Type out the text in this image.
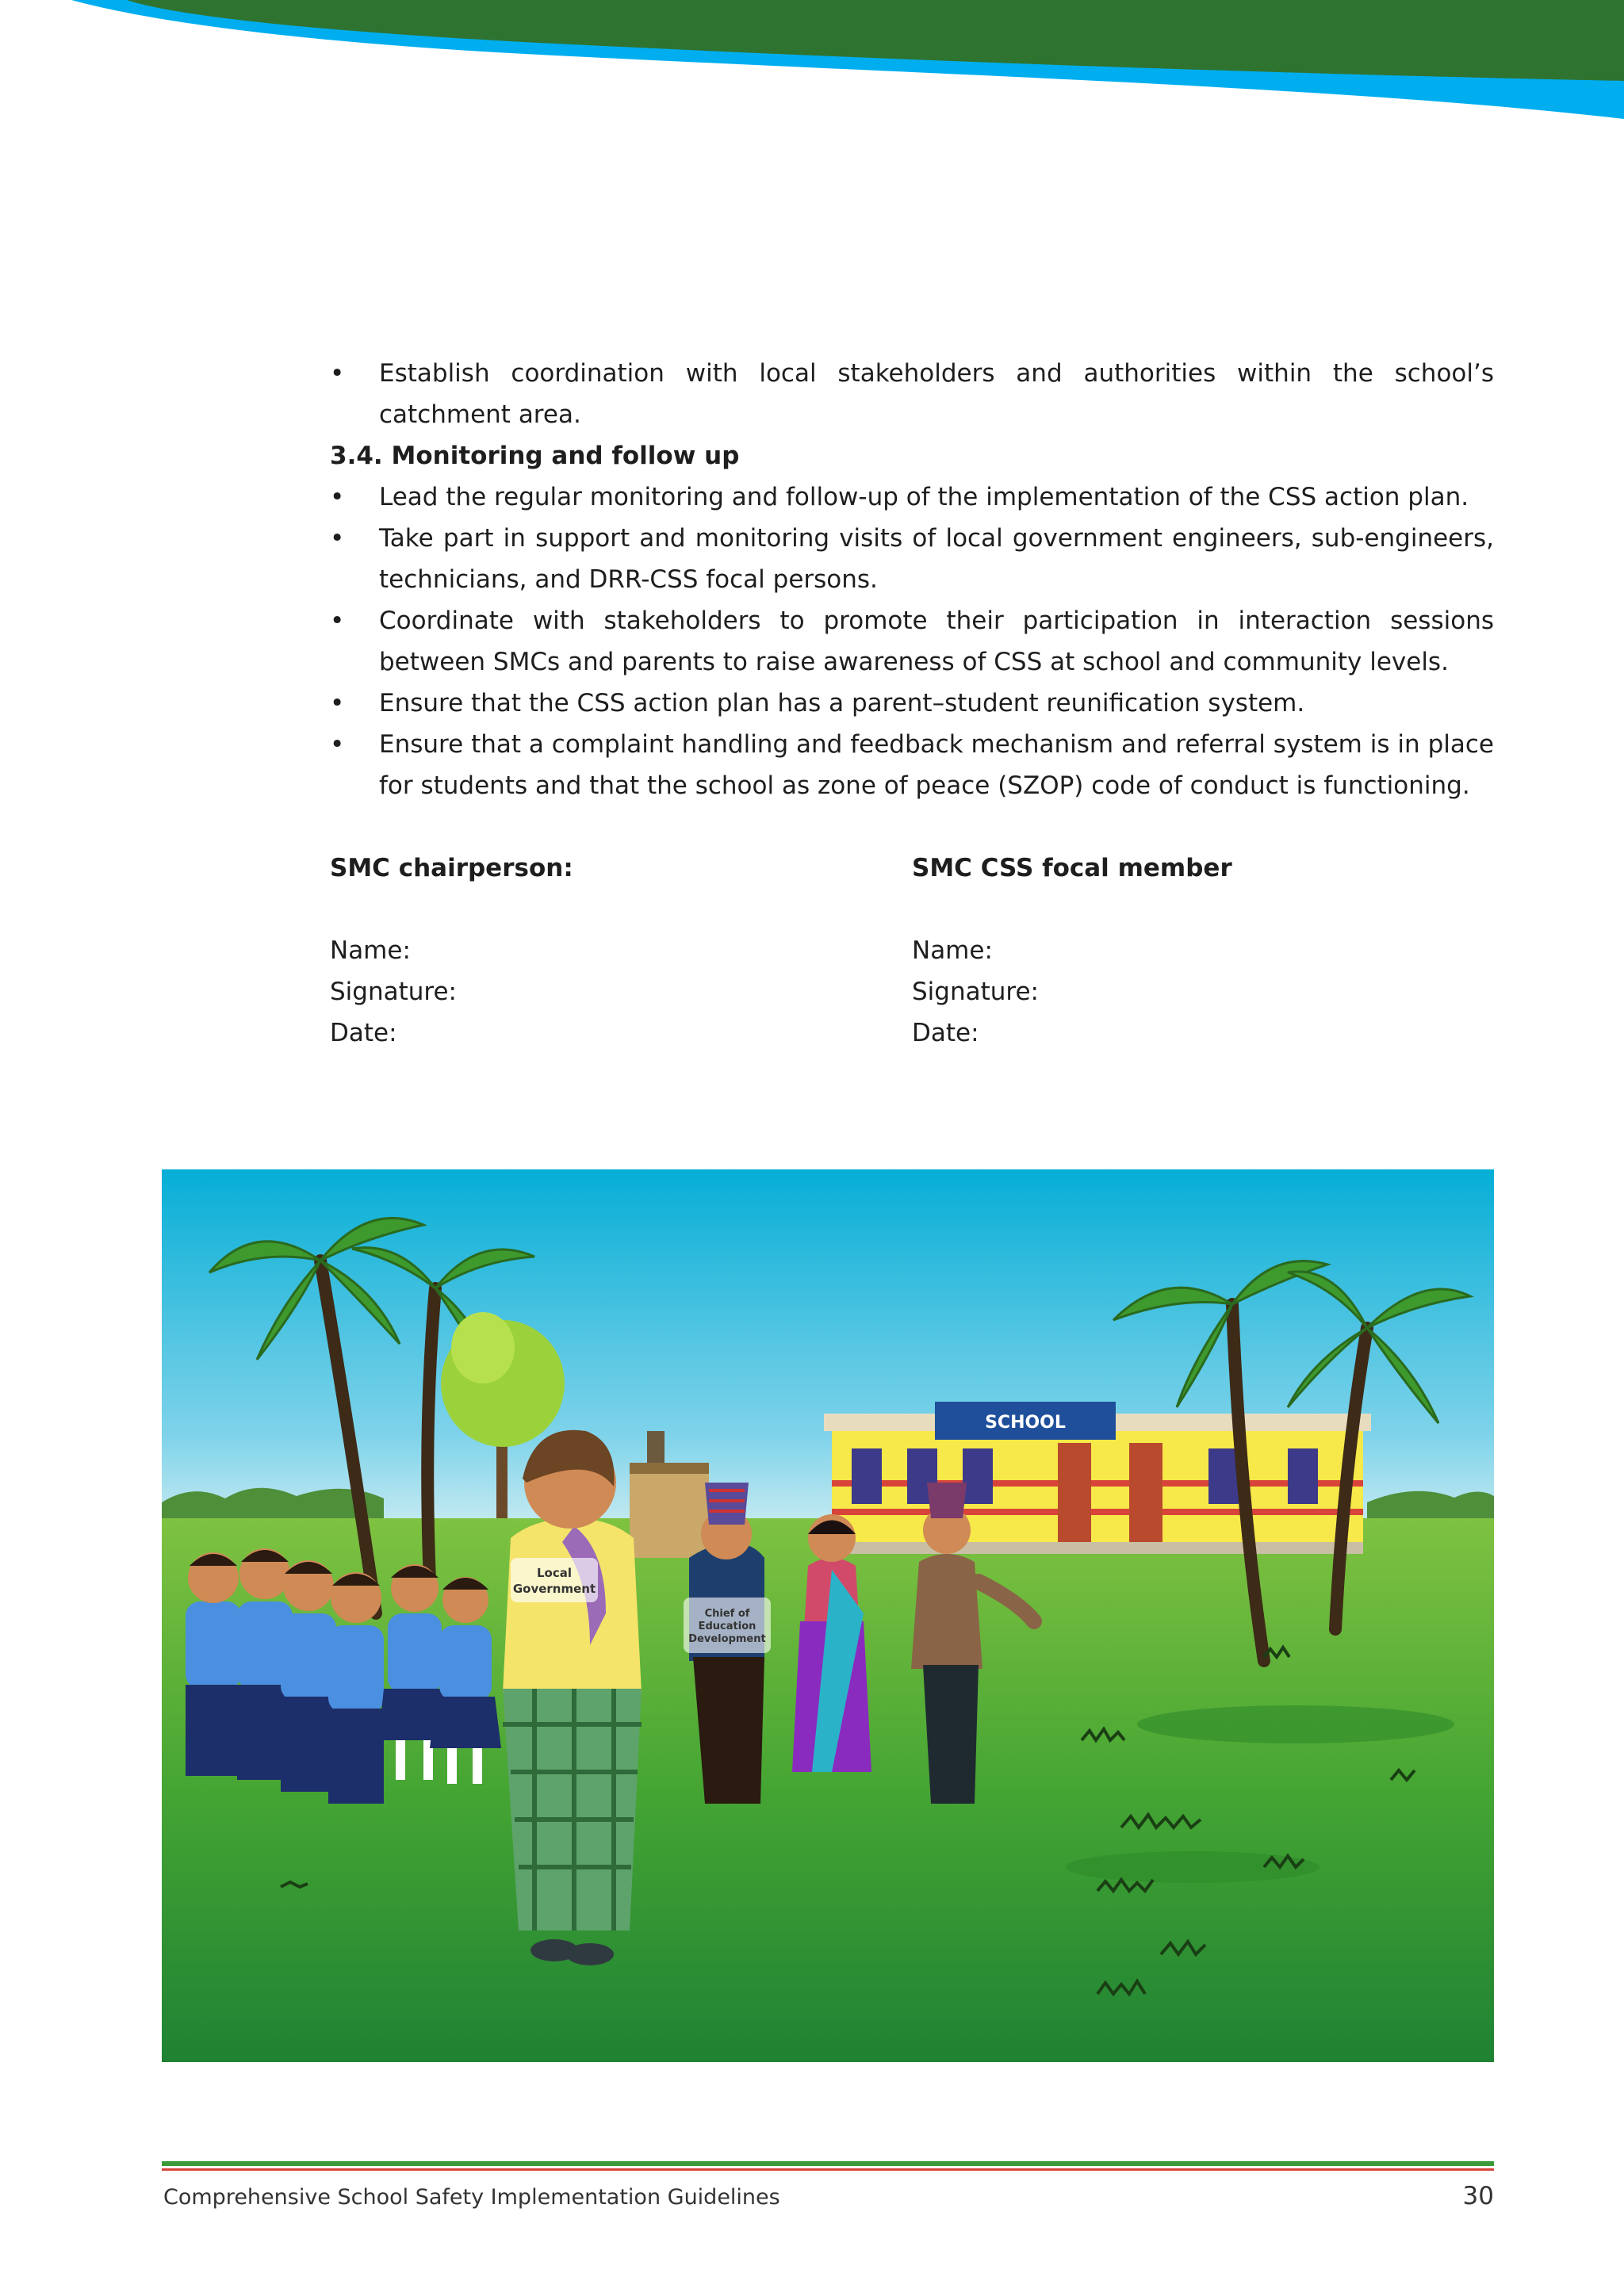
• Establish coordination with local stakeholders and authorities within the school’s catchment area.
3.4. Monitoring and follow up
• Lead the regular monitoring and follow-up of the implementation of the CSS action plan.
• Take part in support and monitoring visits of local government engineers, sub-engineers, technicians, and DRR-CSS focal persons.
• Coordinate with stakeholders to promote their participation in interaction sessions between SMCs and parents to raise awareness of CSS at school and community levels.
• Ensure that the CSS action plan has a parent–student reunification system.
• Ensure that a complaint handling and feedback mechanism and referral system is in place for students and that the school as zone of peace (SZOP) code of conduct is functioning.
SMC chairperson:
Name:
Signature:
Date:
SMC CSS focal member
Name:
Signature:
Date:
SCHOOL
Local
Government
Chief of
Education
Development
Comprehensive School Safety Implementation Guidelines	30
